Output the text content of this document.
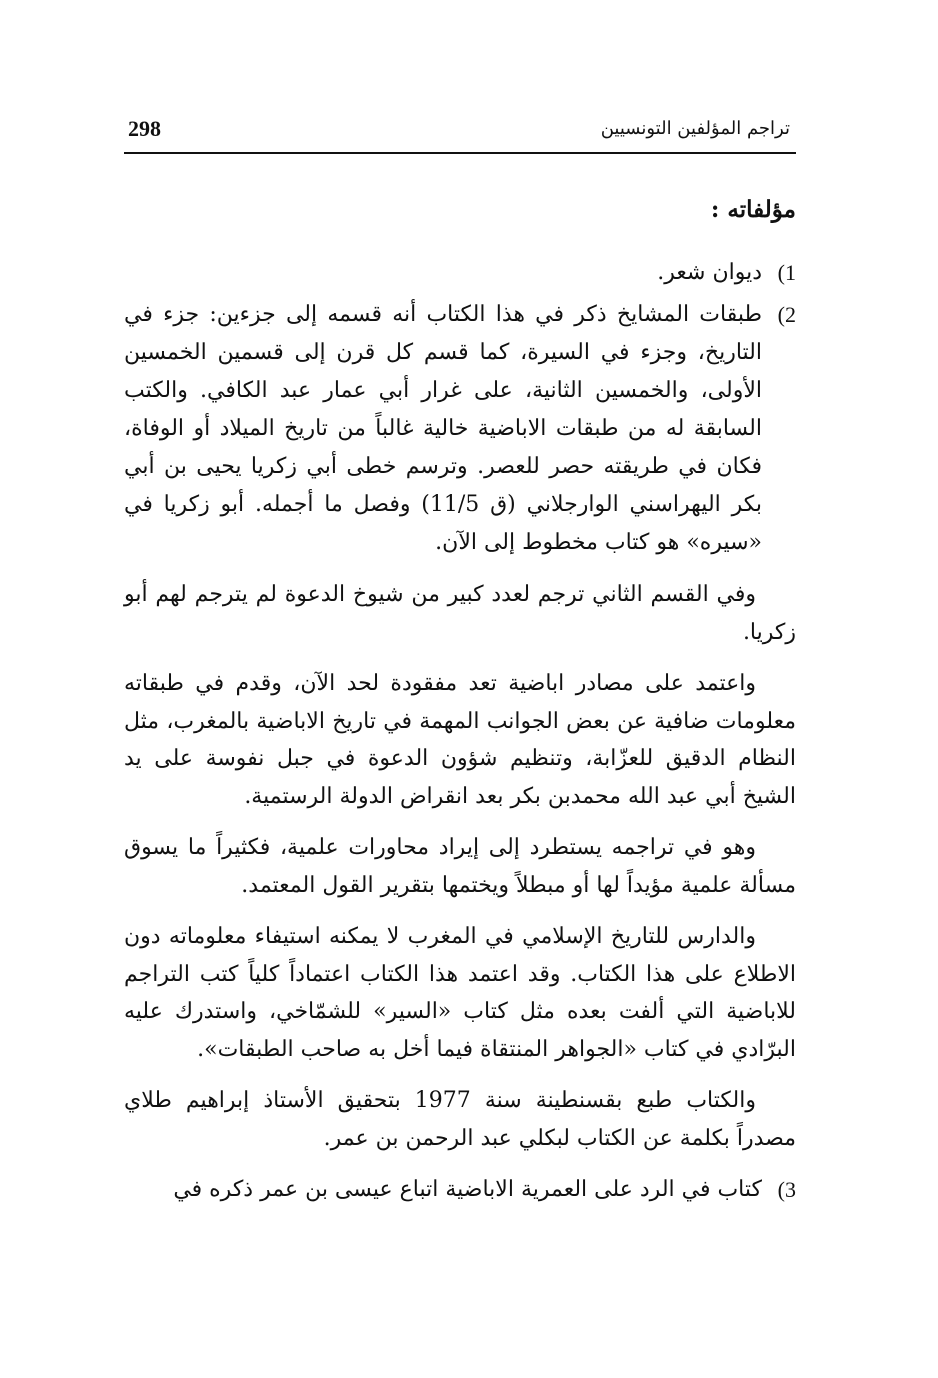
298	تراجم المؤلفين التونسيين
مؤلفاته :
1)
ديوان شعر.
2)
طبقات المشايخ ذكر في هذا الكتاب أنه قسمه إلى جزءين: جزء في التاريخ، وجزء في السيرة، كما قسم كل قرن إلى قسمين الخمسين الأولى، والخمسين الثانية، على غرار أبي عمار عبد الكافي. والكتب السابقة له من طبقات الاباضية خالية غالباً من تاريخ الميلاد أو الوفاة، فكان في طريقته حصر للعصر. وترسم خطى أبي زكريا يحيى بن أبي بكر اليهراسني الوارجلاني (ق 11/5) وفصل ما أجمله. أبو زكريا في «سيره» هو كتاب مخطوط إلى الآن.

وفي القسم الثاني ترجم لعدد كبير من شيوخ الدعوة لم يترجم لهم أبو زكريا.

واعتمد على مصادر اباضية تعد مفقودة لحد الآن، وقدم في طبقاته معلومات ضافية عن بعض الجوانب المهمة في تاريخ الاباضية بالمغرب، مثل النظام الدقيق للعزّابة، وتنظيم شؤون الدعوة في جبل نفوسة على يد الشيخ أبي عبد الله محمدبن بكر بعد انقراض الدولة الرستمية.

وهو في تراجمه يستطرد إلى إيراد محاورات علمية، فكثيراً ما يسوق مسألة علمية مؤيداً لها أو مبطلاً ويختمها بتقرير القول المعتمد.

والدارس للتاريخ الإسلامي في المغرب لا يمكنه استيفاء معلوماته دون الاطلاع على هذا الكتاب. وقد اعتمد هذا الكتاب اعتماداً كلياً كتب التراجم للاباضية التي ألفت بعده مثل كتاب «السير» للشمّاخي، واستدرك عليه البرّادي في كتاب «الجواهر المنتقاة فيما أخل به صاحب الطبقات».

والكتاب طبع بقسنطينة سنة 1977 بتحقيق الأستاذ إبراهيم طلاي مصدراً بكلمة عن الكتاب لبكلي عبد الرحمن بن عمر.

3)
كتاب في الرد على العمرية الاباضية اتباع عيسى بن عمر ذكره في
